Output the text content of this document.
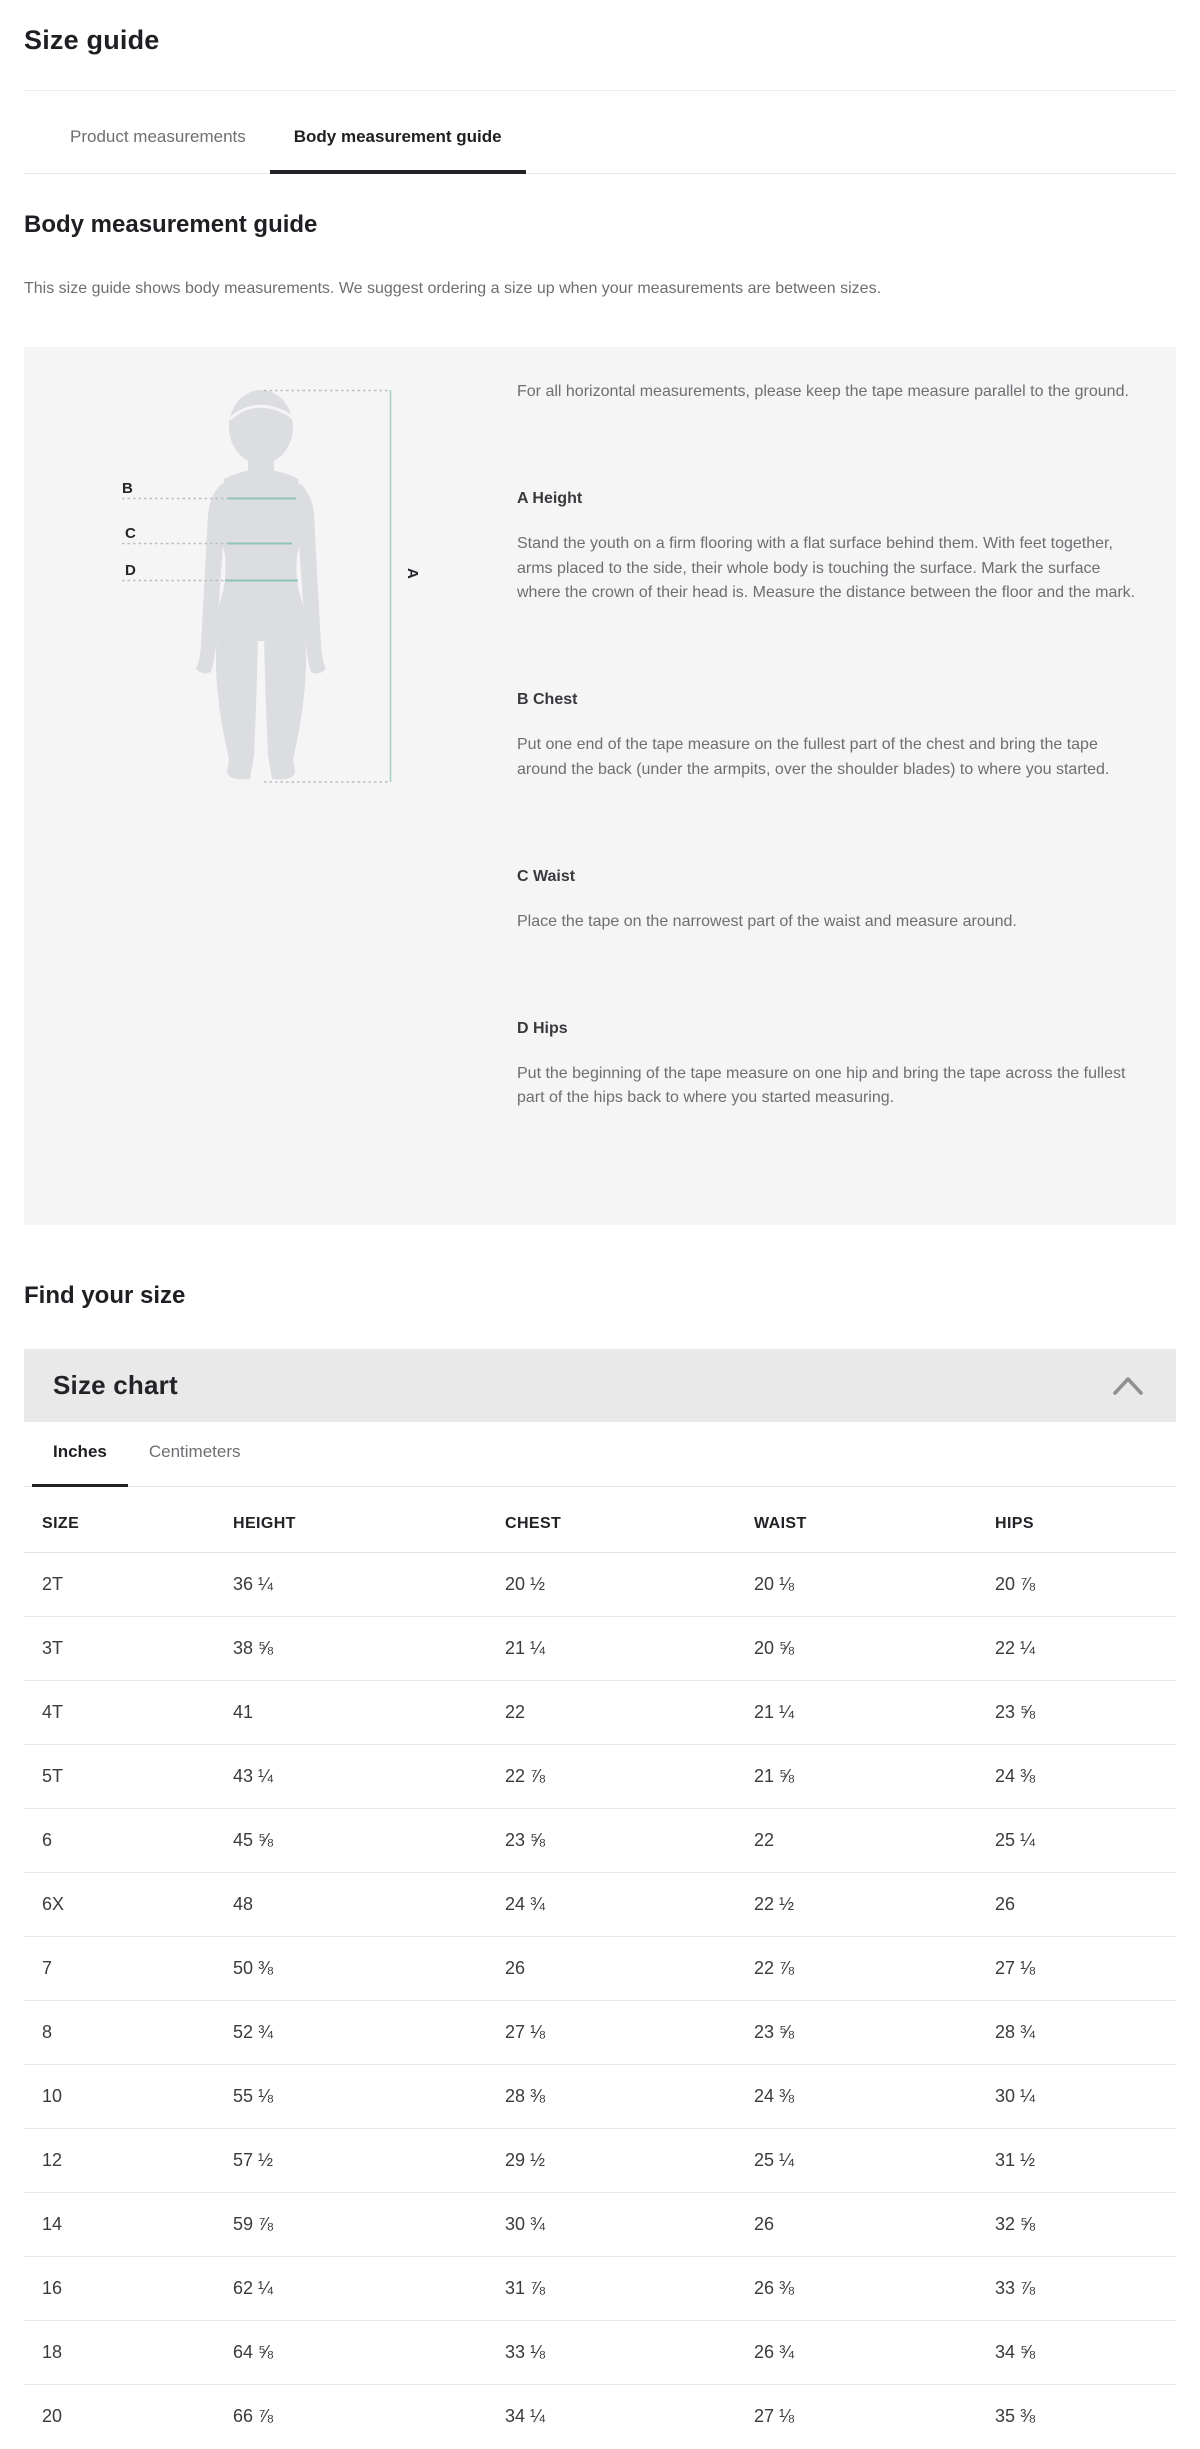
Size guide
Product measurements	Body measurement guide
Body measurement guide

This size guide shows body measurements. We suggest ordering a size up when your measurements are between sizes.

A
B
C
D

For all horizontal measurements, please keep the tape measure parallel to the ground.

A Height

Stand the youth on a firm flooring with a flat surface behind them. With feet together, arms placed to the side, their whole body is touching the surface. Mark the surface where the crown of their head is. Measure the distance between the floor and the mark.

B Chest

Put one end of the tape measure on the fullest part of the chest and bring the tape around the back (under the armpits, over the shoulder blades) to where you started.

C Waist

Place the tape on the narrowest part of the waist and measure around.

D Hips

Put the beginning of the tape measure on one hip and bring the tape across the fullest part of the hips back to where you started measuring.

Find your size
Size chart
Inches	Centimeters
SIZE	HEIGHT	CHEST	WAIST	HIPS
2T	36 ¼	20 ½	20 ⅛	20 ⅞
3T	38 ⅝	21 ¼	20 ⅝	22 ¼
4T	41	22	21 ¼	23 ⅝
5T	43 ¼	22 ⅞	21 ⅝	24 ⅜
6	45 ⅝	23 ⅝	22	25 ¼
6X	48	24 ¾	22 ½	26
7	50 ⅜	26	22 ⅞	27 ⅛
8	52 ¾	27 ⅛	23 ⅝	28 ¾
10	55 ⅛	28 ⅜	24 ⅜	30 ¼
12	57 ½	29 ½	25 ¼	31 ½
14	59 ⅞	30 ¾	26	32 ⅝
16	62 ¼	31 ⅞	26 ⅜	33 ⅞
18	64 ⅝	33 ⅛	26 ¾	34 ⅝
20	66 ⅞	34 ¼	27 ⅛	35 ⅜
